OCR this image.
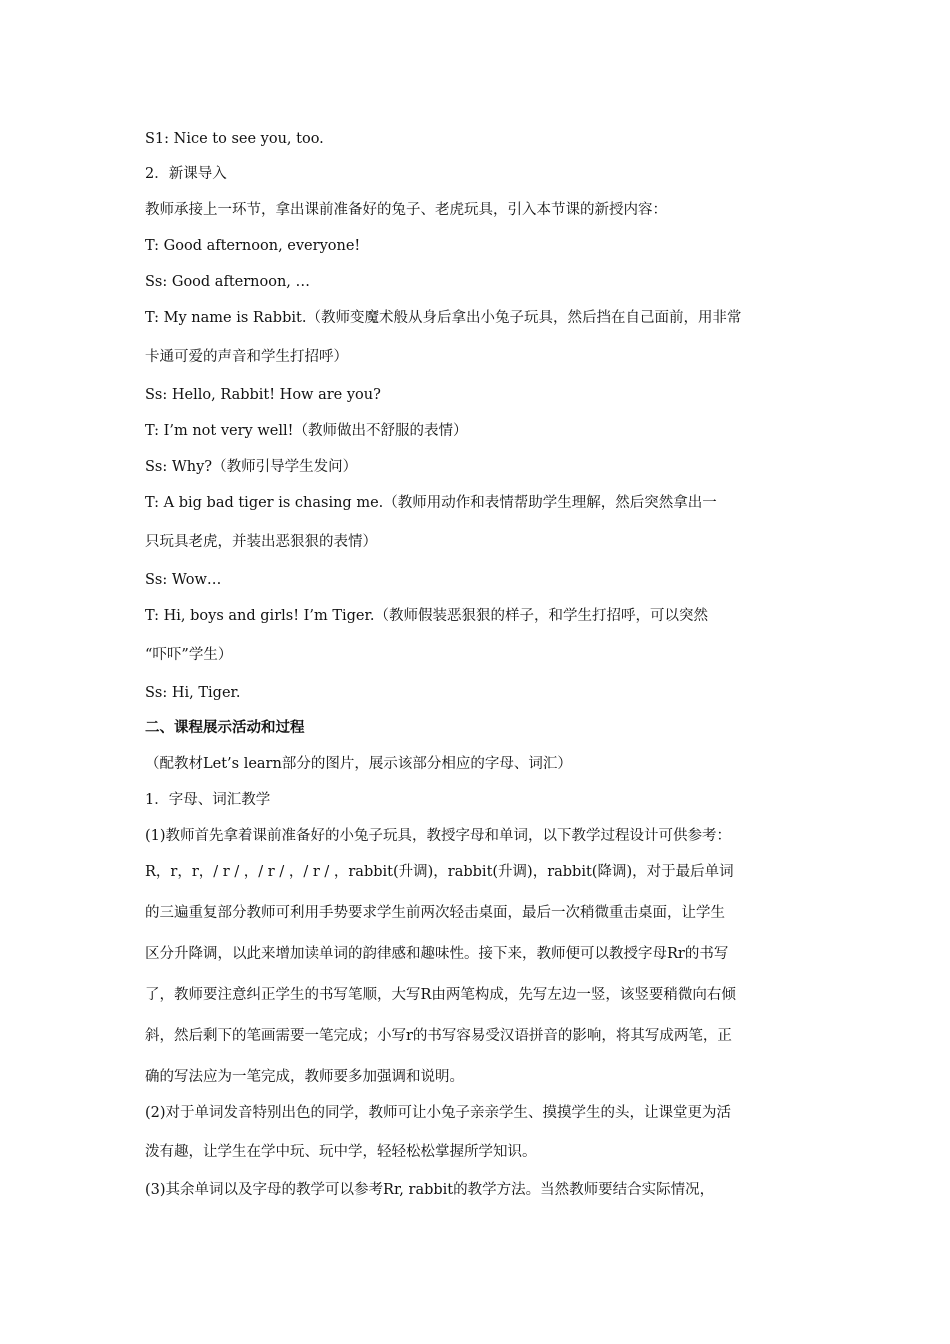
S1: Nice to see you, too.
2．新课导入
教师承接上一环节，拿出课前准备好的兔子、老虎玩具，引入本节课的新授内容：
T: Good afternoon, everyone!
Ss: Good afternoon, …
T: My name is Rabbit.（教师变魔术般从身后拿出小兔子玩具，然后挡在自己面前，用非常
卡通可爱的声音和学生打招呼）
Ss: Hello, Rabbit! How are you?
T: I’m not very well!（教师做出不舒服的表情）
Ss: Why?（教师引导学生发问）
T: A big bad tiger is chasing me.（教师用动作和表情帮助学生理解，然后突然拿出一
只玩具老虎，并装出恶狠狠的表情）
Ss: Wow…
T: Hi, boys and girls! I’m Tiger.（教师假装恶狠狠的样子，和学生打招呼，可以突然
“吓吓”学生）
Ss: Hi, Tiger.
二、课程展示活动和过程
（配教材Let’s learn部分的图片，展示该部分相应的字母、词汇）
1．字母、词汇教学
(1)教师首先拿着课前准备好的小兔子玩具，教授字母和单词，以下教学过程设计可供参考：
R，r，r，/ r / ，/ r / ，/ r / ，rabbit(升调)，rabbit(升调)，rabbit(降调)，对于最后单词
的三遍重复部分教师可利用手势要求学生前两次轻击桌面，最后一次稍微重击桌面，让学生
区分升降调，以此来增加读单词的韵律感和趣味性。接下来，教师便可以教授字母Rr的书写
了，教师要注意纠正学生的书写笔顺，大写R由两笔构成，先写左边一竖，该竖要稍微向右倾
斜，然后剩下的笔画需要一笔完成；小写r的书写容易受汉语拼音的影响，将其写成两笔，正
确的写法应为一笔完成，教师要多加强调和说明。
(2)对于单词发音特别出色的同学，教师可让小兔子亲亲学生、摸摸学生的头，让课堂更为活
泼有趣，让学生在学中玩、玩中学，轻轻松松掌握所学知识。
(3)其余单词以及字母的教学可以参考Rr, rabbit的教学方法。当然教师要结合实际情况，
